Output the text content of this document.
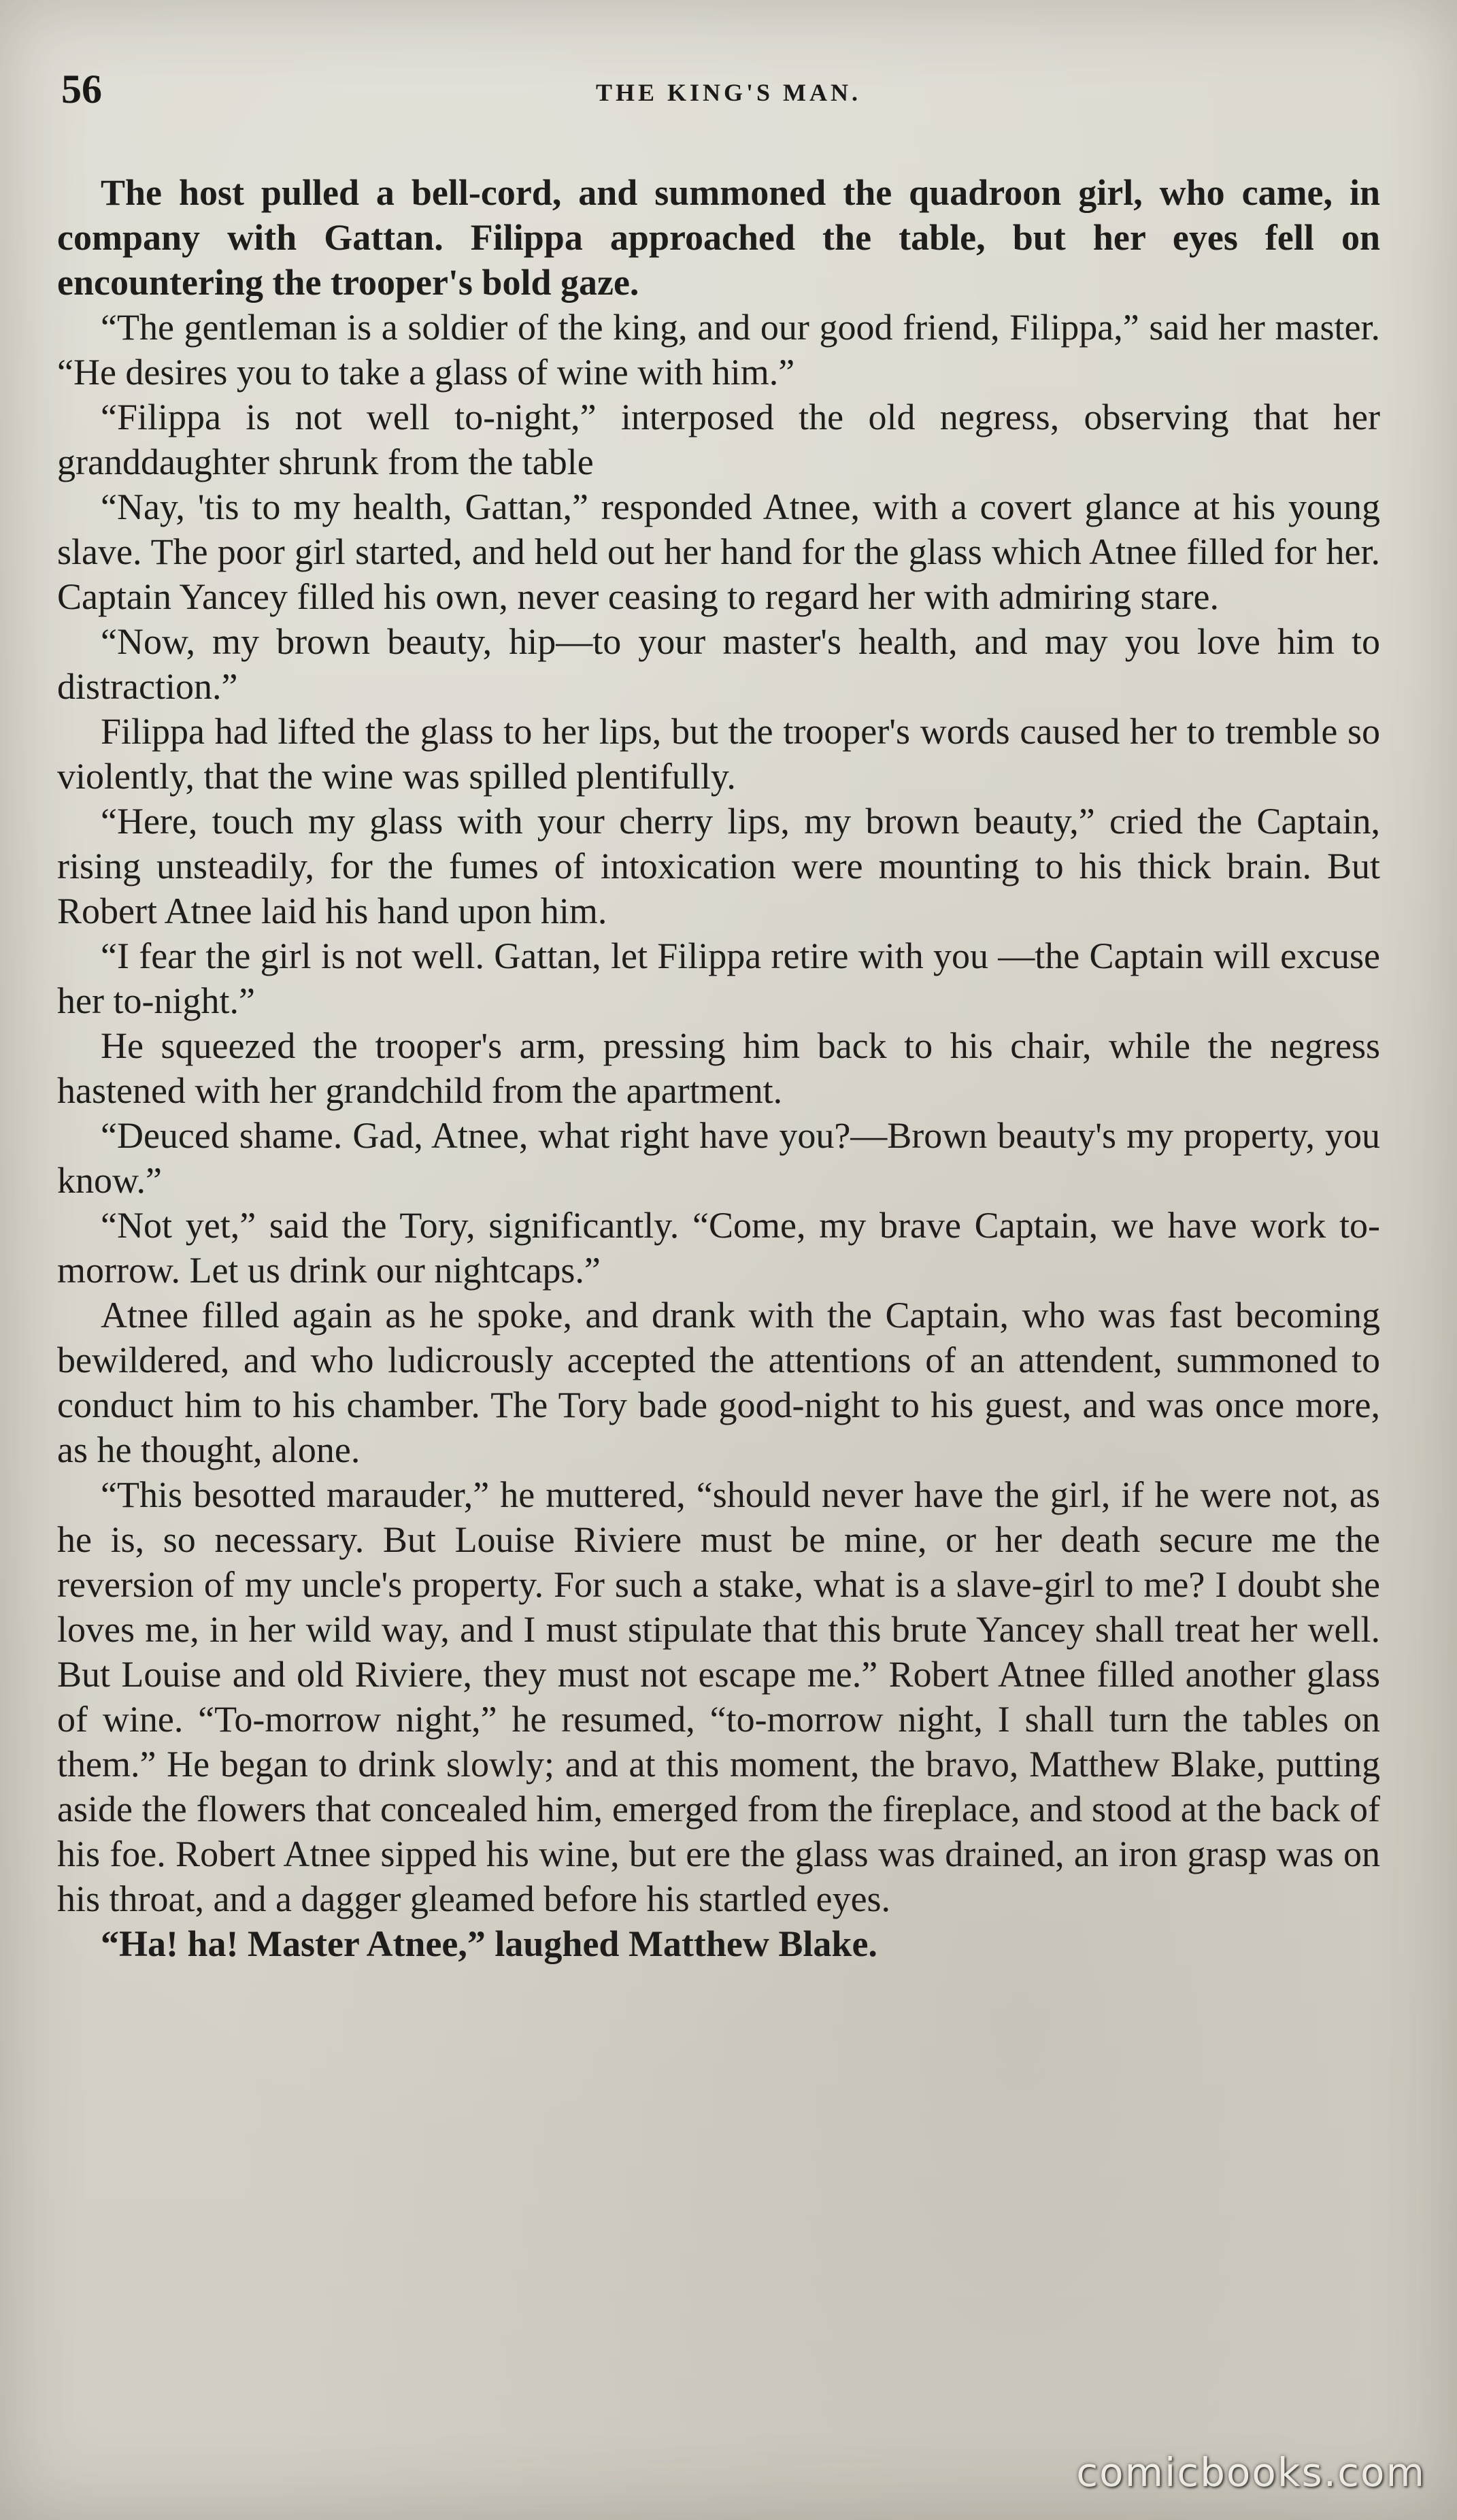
56	THE KING'S MAN.

The host pulled a bell-cord, and summoned the quadroon girl, who came, in company with Gattan. Filippa approached the table, but her eyes fell on encountering the trooper's bold gaze.

“The gentleman is a soldier of the king, and our good friend, Filippa,” said her master. “He desires you to take a glass of wine with him.”

“Filippa is not well to-night,” interposed the old negress, observing that her granddaughter shrunk from the table

“Nay, 'tis to my health, Gattan,” responded Atnee, with a covert glance at his young slave. The poor girl started, and held out her hand for the glass which Atnee filled for her. Captain Yancey filled his own, never ceasing to regard her with admiring stare.

“Now, my brown beauty, hip—to your master's health, and may you love him to distraction.”

Filippa had lifted the glass to her lips, but the trooper's words caused her to tremble so violently, that the wine was spilled plentifully.

“Here, touch my glass with your cherry lips, my brown beauty,” cried the Captain, rising unsteadily, for the fumes of intoxication were mounting to his thick brain. But Robert Atnee laid his hand upon him.

“I fear the girl is not well. Gattan, let Filippa retire with you —the Captain will excuse her to-night.”

He squeezed the trooper's arm, pressing him back to his chair, while the negress hastened with her grandchild from the apartment.

“Deuced shame. Gad, Atnee, what right have you?—Brown beauty's my property, you know.”

“Not yet,” said the Tory, significantly. “Come, my brave Captain, we have work to-morrow. Let us drink our nightcaps.”

Atnee filled again as he spoke, and drank with the Captain, who was fast becoming bewildered, and who ludicrously accepted the attentions of an attendent, summoned to conduct him to his chamber. The Tory bade good-night to his guest, and was once more, as he thought, alone.

“This besotted marauder,” he muttered, “should never have the girl, if he were not, as he is, so necessary. But Louise Riviere must be mine, or her death secure me the reversion of my uncle's property. For such a stake, what is a slave-girl to me? I doubt she loves me, in her wild way, and I must stipulate that this brute Yancey shall treat her well. But Louise and old Riviere, they must not escape me.” Robert Atnee filled another glass of wine. “To-morrow night,” he resumed, “to-morrow night, I shall turn the tables on them.” He began to drink slowly; and at this moment, the bravo, Matthew Blake, putting aside the flowers that concealed him, emerged from the fireplace, and stood at the back of his foe. Robert Atnee sipped his wine, but ere the glass was drained, an iron grasp was on his throat, and a dagger gleamed before his startled eyes.

“Ha! ha! Master Atnee,” laughed Matthew Blake.

comicbooks.com
